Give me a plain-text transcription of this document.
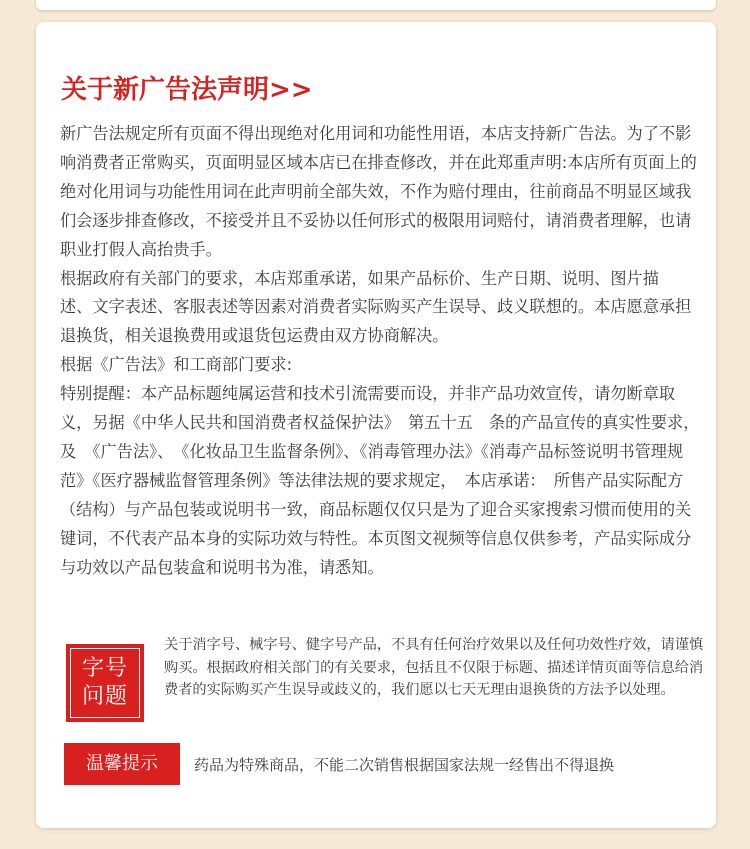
关于新广告法声明>>

新广告法规定所有页面不得出现绝对化用词和功能性用语，本店支持新广告法。为了不影响消费者正常购买，页面明显区域本店已在排查修改，并在此郑重声明:本店所有页面上的绝对化用词与功能性用词在此声明前全部失效，不作为赔付理由，往前商品不明显区域我们会逐步排查修改，不接受并且不妥协以任何形式的极限用词赔付，请消费者理解，也请职业打假人高抬贵手。

根据政府有关部门的要求，本店郑重承诺，如果产品标价、生产日期、说明、图片描　述、文字表述、客服表述等因素对消费者实际购买产生误导、歧义联想的。本店愿意承担退换货，相关退换费用或退货包运费由双方协商解决。

根据《广告法》和工商部门要求:

特别提醒：本产品标题纯属运营和技术引流需要而设，并非产品功效宣传，请勿断章取义，另据《中华人民共和国消费者权益保护法》　第五十五　条的产品宣传的真实性要求，　及　《广告法》、　《化妆品卫生监督条例》、《消毒管理办法》《消毒产品标签说明书管理规范》《医疗器械监督管理条例》等法律法规的要求规定，　本店承诺：　所售产品实际配方（结构）与产品包装或说明书一致，商品标题仅仅只是为了迎合买家搜索习惯而使用的关键词，不代表产品本身的实际功效与特性。本页图文视频等信息仅供参考，产品实际成分与功效以产品包装盒和说明书为准，请悉知。

字号问题
关于消字号、械字号、健字号产品，不具有任何治疗效果以及任何功效性疗效，请谨慎购买。根据政府相关部门的有关要求，包括且不仅限于标题、描述详情页面等信息给消费者的实际购买产生误导或歧义的，我们愿以七天无理由退换货的方法予以处理。
温馨提示	药品为特殊商品，不能二次销售根据国家法规一经售出不得退换
